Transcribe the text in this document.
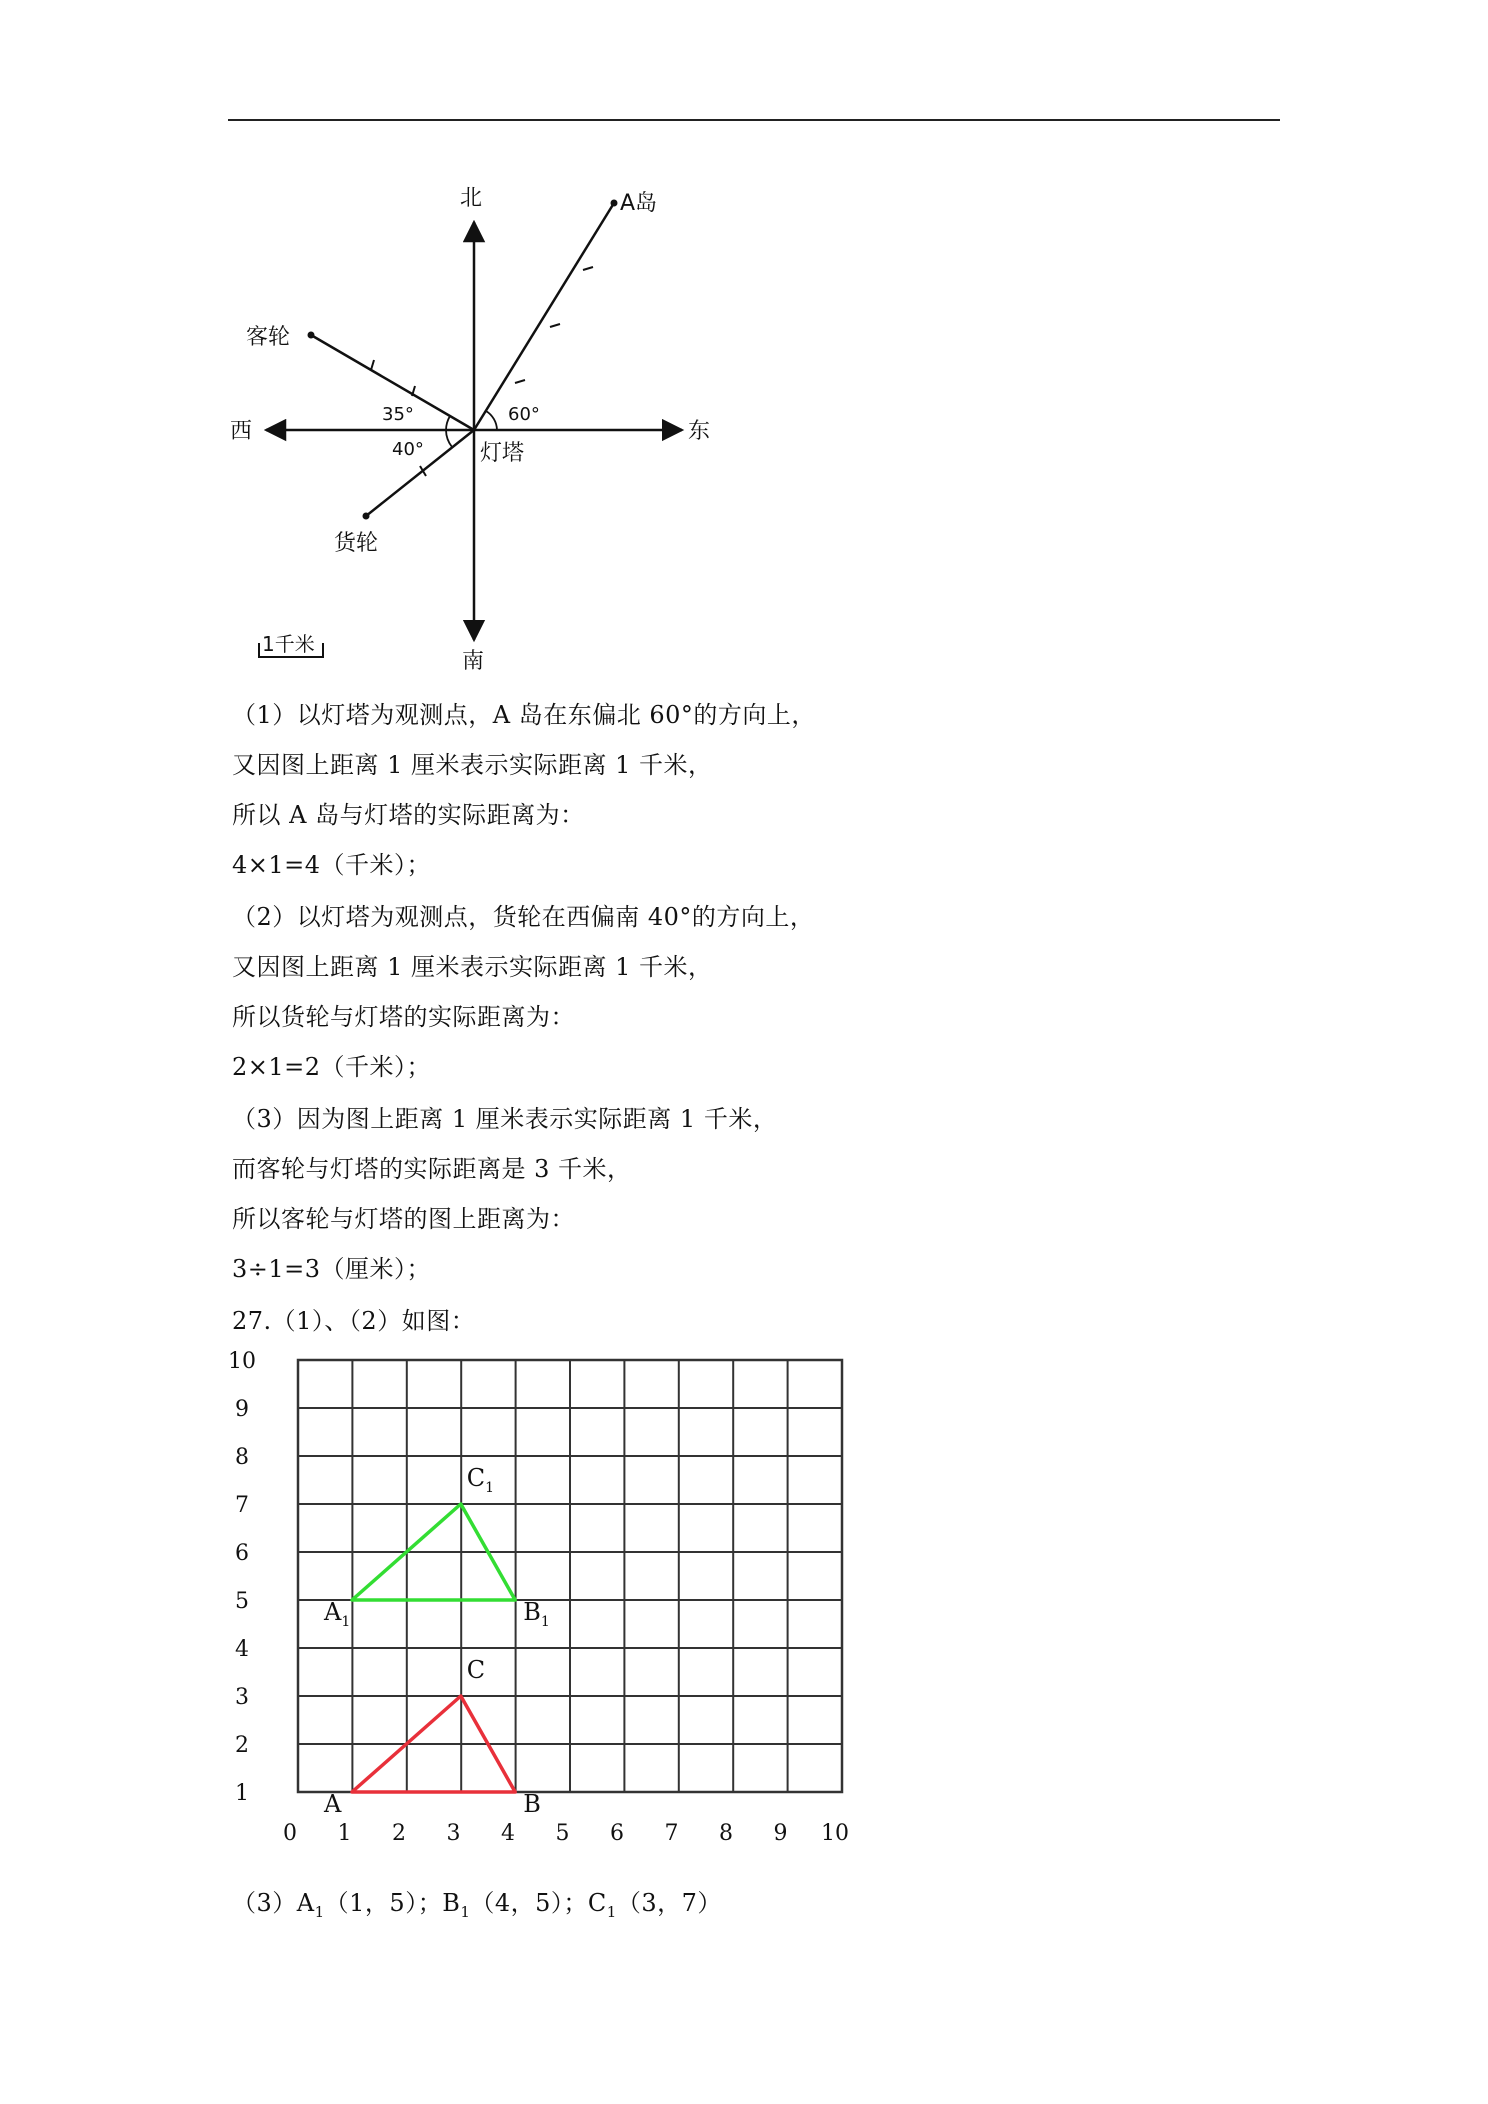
北
南
东
西
A岛
客轮
货轮
灯塔
60°
35°
40°
1千米

（1）以灯塔为观测点，A 岛在东偏北 60°的方向上，

又因图上距离 1 厘米表示实际距离 1 千米，

所以 A 岛与灯塔的实际距离为：

4×1=4（千米）；

（2）以灯塔为观测点，货轮在西偏南 40°的方向上，

又因图上距离 1 厘米表示实际距离 1 千米，

所以货轮与灯塔的实际距离为：

2×1=2（千米）；

（3）因为图上距离 1 厘米表示实际距离 1 千米，

而客轮与灯塔的实际距离是 3 千米，

所以客轮与灯塔的图上距离为：

3÷1=3（厘米）；

27.（1）、（2）如图：

0 1 2 3 4 5 6 7 8 9 10
1
2
3
4
5
6
7
8
9
10
$A_1$	$B_1$
$C_1$
A	B
C

$(3)A_1(1$，5）；$B_1(4$，5）；$C_1(3$，7）
